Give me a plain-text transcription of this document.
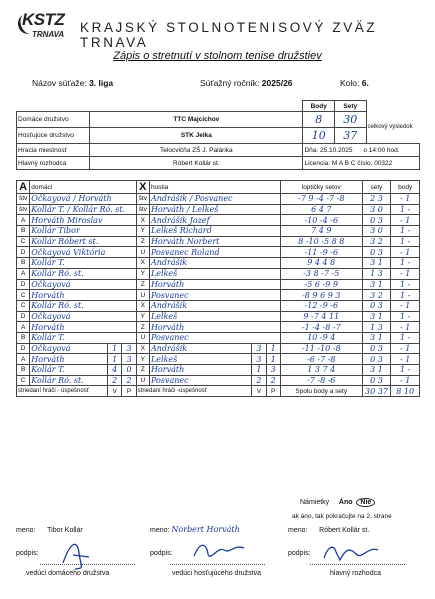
KSTZ
TRNAVA KRAJSKÝ STOLNOTENISOVÝ ZVÄZ TRNAVA
Zápis o stretnutí v stolnom tenise družstiev
Názov súťaže: 3. liga	Súťažný ročník: 2025/26	Kolo: 6.
			Body	Sety	
Domáce družstvo	TTC Majcichov		8	30	celkový výsledok
Hosťujúce družstvo	STK Jelka		10	37	
Hracia miestnosť	Telocvičňa ZŠ J. Palárika		Dňa: 25.10.2025 o 14:00 hod.		
Hlavný rozhodca	Róbert Kollár st.		Licencia: M A B C číslo: 00322		
A	domáci			X	hostia			loptičky setov	sety	body
štv	Očkayová / Horváth			štv	Andrášik / Posvanec			-7 9 -4 -7 -8	2 3	- 1
štv	Kollár T. / Kollár Ró. st.			štv	Horváth / Lelkeš			6 4 7	3 0	1 -
A	Horváth Miroslav			X	Andrášik Jozef			-10 -4 -6	0 3	- 1
B	Kollár Tibor			Y	Lelkeš Richard			7 4 9	3 0	1 -
C	Kollár Róbert st.			Z	Horváth Norbert			8 -10 -5 8 8	3 2	1 -
D	Očkayová Viktória			U	Posvanec Roland			-11 -9 -6	0 3	- 1
B	Kollár T.			X	Andrášik			9 4 4 8	3 1	1 -
A	Kollár Ró. st.			Y	Lelkeš			-3 8 -7 -5	1 3	- 1
D	Očkayová			Z	Horváth			-5 6 -9 9	3 1	1 -
C	Horváth			U	Posvanec			-8 9 6 9 3	3 2	1 -
C	Kollár Ró. st.			X	Andrášik			-12 -9 -6	0 3	- 1
D	Očkayová			Y	Lelkeš			9 -7 4 11	3 1	1 -
A	Horváth			Z	Horváth			-1 -4 -8 -7	1 3	- 1
B	Kollár T.			U	Posvanec			10 -9 4	3 1	1 -
D	Očkayová	1	3	X	Andrášik	3	1	-11 -10 -8	0 3	- 1
A	Horváth	1	3	Y	Lelkeš	3	1	-6 -7 -8	0 3	- 1
B	Kollár T.	4	0	Z	Horváth	1	3	1 3 7 4	3 1	1 -
C	Kollár Ró. st.	2	2	U	Posvanec	2	2	-7 -8 -6	0 3	- 1
striedaní hráči - úspešnosť		V	P	striedaní hráči -úspešnosť		V	P	Spolu body a sety	30 37	8 10
Námietky Áno Nie
ak áno, tak pokračujte na 2. strane
meno: Tibor Kollár	meno: Norbert Horváth	meno: Róbert Kollár st.
podpis:	podpis:	podpis:
vedúci domáceho družstva	vedúci hosťujúceho družstva	hlavný rozhodca
